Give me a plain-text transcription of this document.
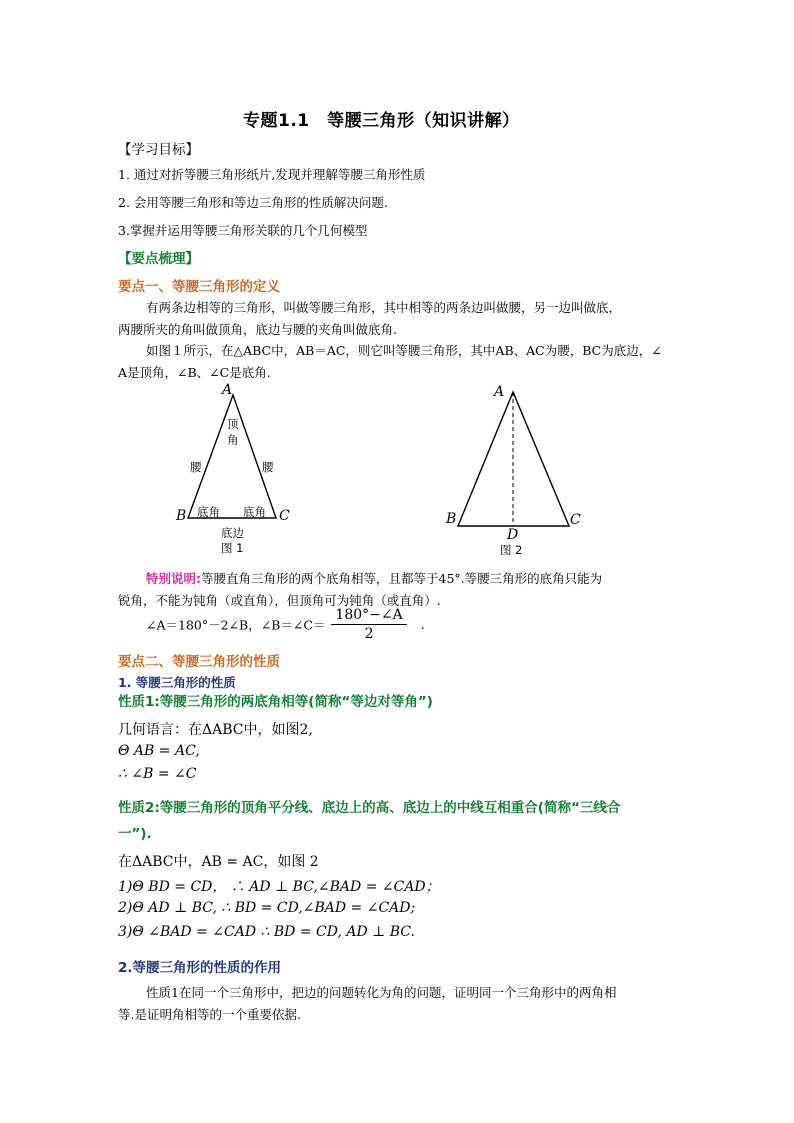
专题1.1　等腰三角形（知识讲解）
【学习目标】
1. 通过对折等腰三角形纸片,发现并理解等腰三角形性质
2. 会用等腰三角形和等边三角形的性质解决问题.
3.掌握并运用等腰三角形关联的几个几何模型
【要点梳理】
要点一、等腰三角形的定义
有两条边相等的三角形，叫做等腰三角形，其中相等的两条边叫做腰，另一边叫做底，
两腰所夹的角叫做顶角，底边与腰的夹角叫做底角.
如图１所示，在△ABC中，AB＝AC，则它叫等腰三角形，其中AB、AC为腰，BC为底边，∠
A是顶角，∠B、∠C是底角.
A
B	C
顶
角
腰	腰
底角 底角
底边
图 1
A
B	C
D
图 2
特别说明:等腰直角三角形的两个底角相等，且都等于45°.等腰三角形的底角只能为
锐角，不能为钝角（或直角），但顶角可为钝角（或直角）.
∠A＝180°－2∠B，∠B＝∠C＝ $\frac{180^\circ-\angle A}{2}$ .
要点二、等腰三角形的性质
1. 等腰三角形的性质
性质1:等腰三角形的两底角相等(简称“等边对等角”)
几何语言：在ΔABC中，如图2,
Θ AB = AC,
∴ ∠B = ∠C
性质2:等腰三角形的顶角平分线、底边上的高、底边上的中线互相重合(简称“三线合
一”).
在ΔABC中，AB = AC，如图 2
1)Θ BD = CD， ∴ AD ⊥ BC,∠BAD = ∠CAD；
2)Θ AD ⊥ BC, ∴ BD = CD,∠BAD = ∠CAD;
3)Θ ∠BAD = ∠CAD ∴ BD = CD, AD ⊥ BC.
2.等腰三角形的性质的作用
性质1在同一个三角形中，把边的问题转化为角的问题，证明同一个三角形中的两角相
等.是证明角相等的一个重要依据.
